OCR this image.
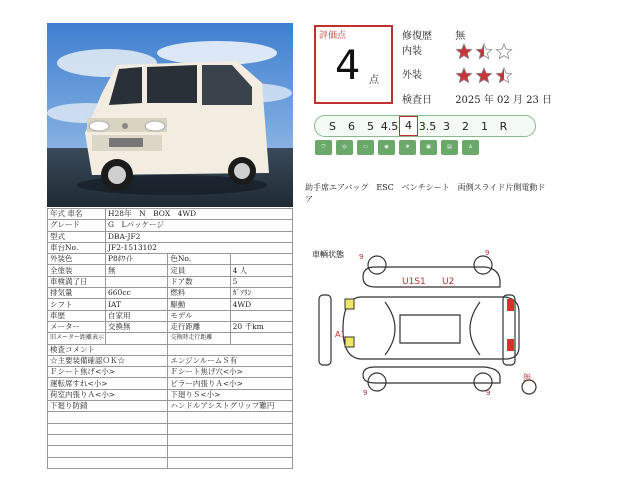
評価点
4 点
修復歴 無
内装
外装
検査日 2025 年 02 月 23 日
S	6	5 4.5 4 3.5 3	2	1	R
⛉	◎	▭	◉	❄	▣	▤	♙
助手席エアバッグ　ESC　ベンチシート　両側スライド片側電動ドア
年式 車名	H28年　N　BOX　4WD		
グレード	G　Lパッケージ		
型式	DBA-JF2		
車台No.	JF2-1513102		
外装色	P8ﾎﾜｲﾄ	色No.	
全塗装	無	定員	4 人
車検満了日		ドア数	5
排気量	660cc	燃料	ｶﾞｿﾘﾝ
シフト	IAT	駆動	4WD
車歴	自家用	モデル	
メーター	交換無	走行距離	20 千km
旧メーター距離表示		交換時走行距離	
検査コメント			
☆主要装備確認ＯＫ☆		エンジンルームＳ有	
Ｆシート焦げ<小>		Ｆシート焦げ穴<小>	
運転席すれ<小>		ピラー内張りＡ<小>	
荷室内張りＡ<小>		下廻りＳ<小>	
下廻り防錆		ハンドルアシストグリップ難円	

車輌状態
U1S1 U2
A1
9	9
9	9
無
